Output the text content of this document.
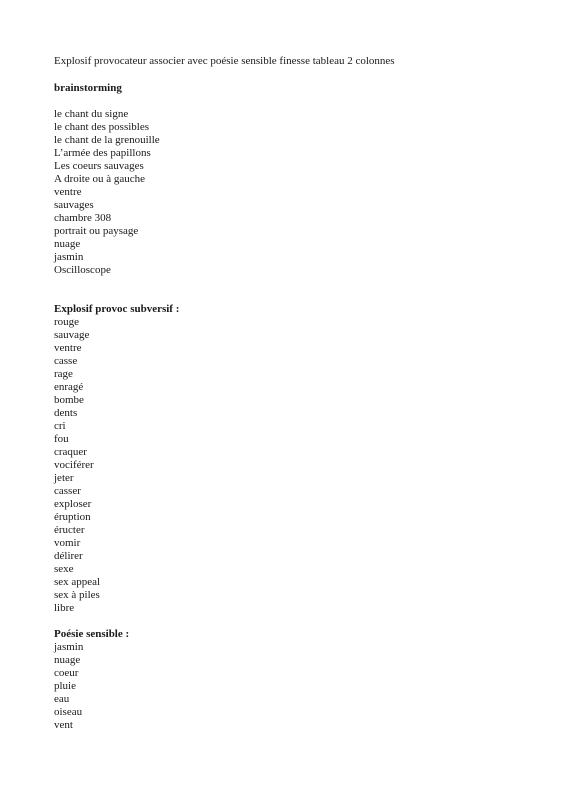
Explosif provocateur associer avec poésie sensible finesse tableau 2 colonnes

brainstorming

le chant du signe
le chant des possibles
le chant de la grenouille
L’armée des papillons
Les coeurs sauvages
A droite ou à gauche
ventre
sauvages
chambre 308
portrait ou paysage
nuage
jasmin
Oscilloscope

Explosif provoc subversif :

rouge
sauvage
ventre
casse
rage
enragé
bombe
dents
cri
fou
craquer
vociférer
jeter
casser
exploser
éruption
éructer
vomir
délirer
sexe
sex appeal
sex à piles
libre

Poésie sensible :

jasmin
nuage
coeur
pluie
eau
oiseau
vent
